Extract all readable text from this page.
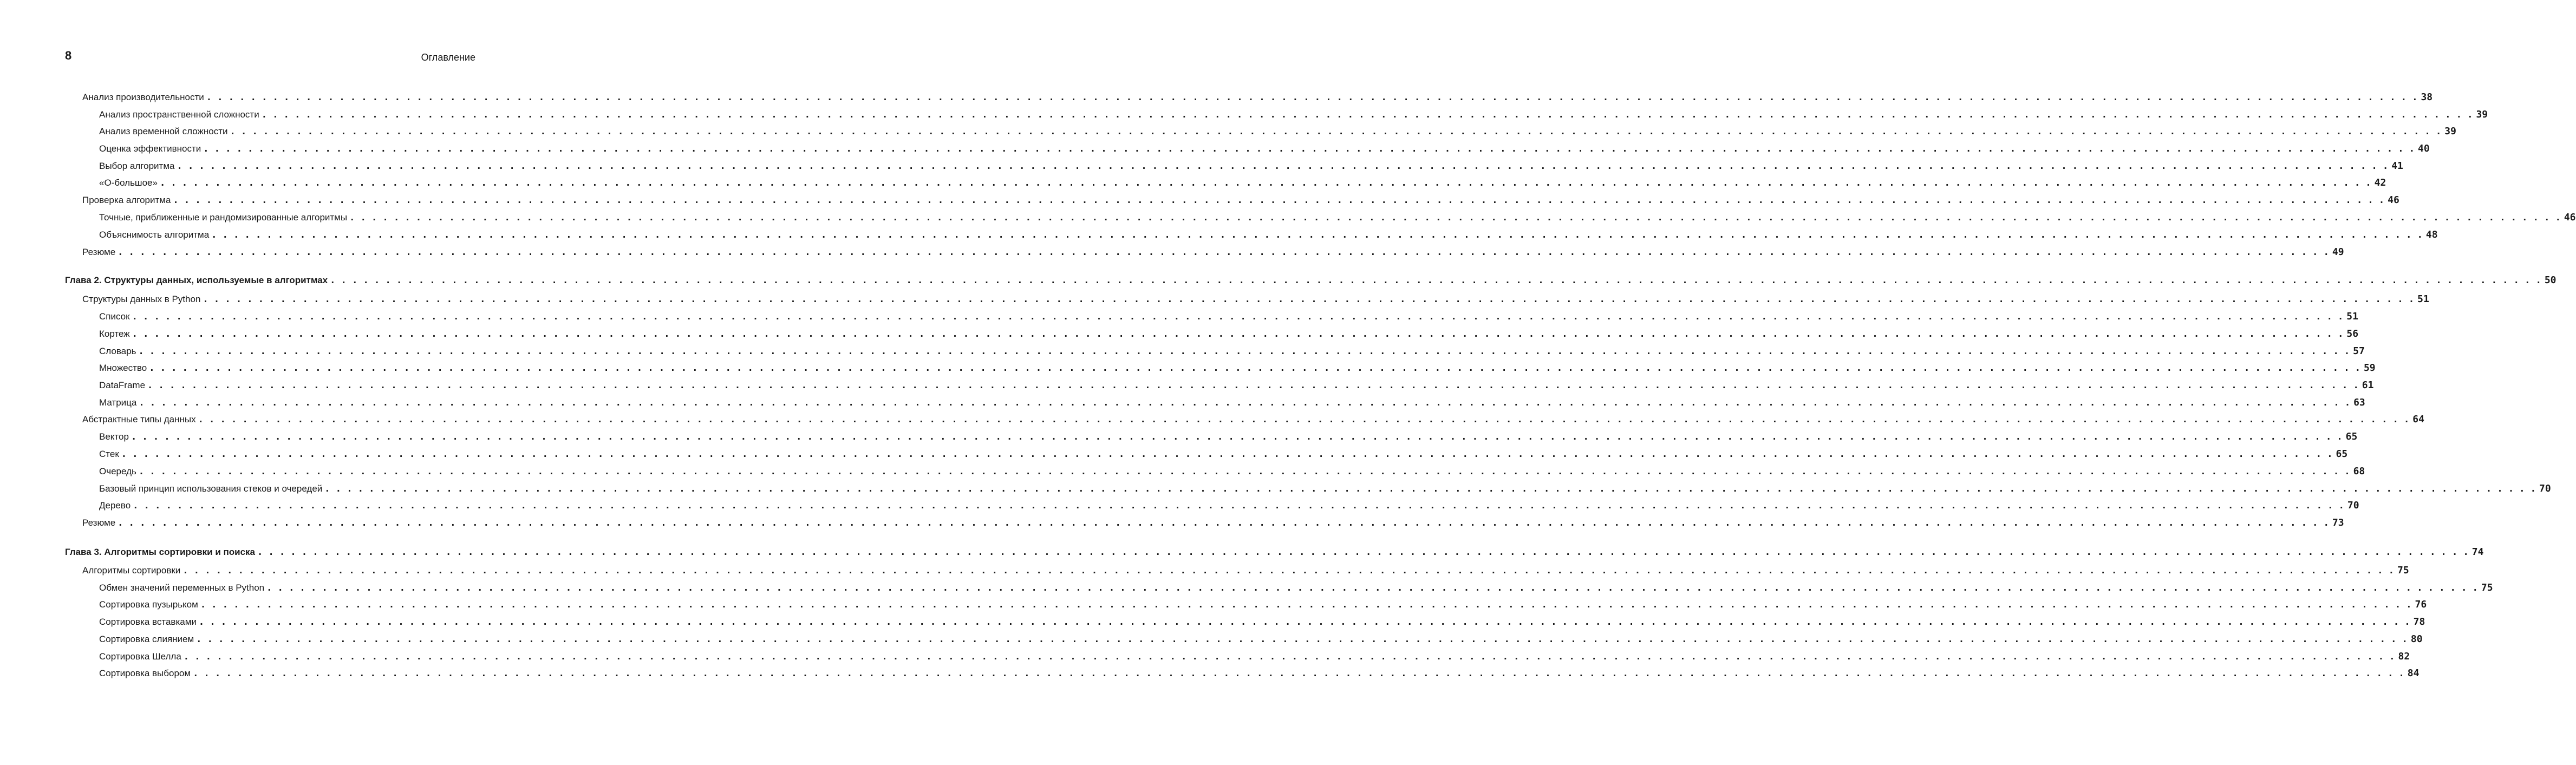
8	Оглавление
Анализ производительности . . . . . . . . . . . . . . . . . . . . . . . . . . . . . . . . . . . . . . . . . . . . . . . . . . . . . . . . . . . . . . . . . . . . . . . . . . . . . . . . . . . . . . . . . . . . . . . . . . . . . . . . . . . . . . . . . . . . . . . . . . . . . . . . . . . . . . . . . . . . . . . . . . . . . . . . . . . . . . . . . . . . . . . . . . . . . . . . . . . . . . . . . . . . . . . . . . . . . . . . 38
Анализ пространственной сложности . . . . . . . . . . . . . . . . . . . . . . . . . . . . . . . . . . . . . . . . . . . . . . . . . . . . . . . . . . . . . . . . . . . . . . . . . . . . . . . . . . . . . . . . . . . . . . . . . . . . . . . . . . . . . . . . . . . . . . . . . . . . . . . . . . . . . . . . . . . . . . . . . . . . . . . . . . . . . . . . . . . . . . . . . . . . . . . . . . . . . . . . . . . . . . . . . . . . . . . . 39
Анализ временной сложности . . . . . . . . . . . . . . . . . . . . . . . . . . . . . . . . . . . . . . . . . . . . . . . . . . . . . . . . . . . . . . . . . . . . . . . . . . . . . . . . . . . . . . . . . . . . . . . . . . . . . . . . . . . . . . . . . . . . . . . . . . . . . . . . . . . . . . . . . . . . . . . . . . . . . . . . . . . . . . . . . . . . . . . . . . . . . . . . . . . . . . . . . . . . . . . . . . . . . . . . 39
Оценка эффективности . . . . . . . . . . . . . . . . . . . . . . . . . . . . . . . . . . . . . . . . . . . . . . . . . . . . . . . . . . . . . . . . . . . . . . . . . . . . . . . . . . . . . . . . . . . . . . . . . . . . . . . . . . . . . . . . . . . . . . . . . . . . . . . . . . . . . . . . . . . . . . . . . . . . . . . . . . . . . . . . . . . . . . . . . . . . . . . . . . . . . . . . . . . . . . . . . . . . . . . . 40
Выбор алгоритма . . . . . . . . . . . . . . . . . . . . . . . . . . . . . . . . . . . . . . . . . . . . . . . . . . . . . . . . . . . . . . . . . . . . . . . . . . . . . . . . . . . . . . . . . . . . . . . . . . . . . . . . . . . . . . . . . . . . . . . . . . . . . . . . . . . . . . . . . . . . . . . . . . . . . . . . . . . . . . . . . . . . . . . . . . . . . . . . . . . . . . . . . . . . . . . . . . . . . . . . 41
«О-большое» . . . . . . . . . . . . . . . . . . . . . . . . . . . . . . . . . . . . . . . . . . . . . . . . . . . . . . . . . . . . . . . . . . . . . . . . . . . . . . . . . . . . . . . . . . . . . . . . . . . . . . . . . . . . . . . . . . . . . . . . . . . . . . . . . . . . . . . . . . . . . . . . . . . . . . . . . . . . . . . . . . . . . . . . . . . . . . . . . . . . . . . . . . . . . . . . . . . . . . . . 42
Проверка алгоритма . . . . . . . . . . . . . . . . . . . . . . . . . . . . . . . . . . . . . . . . . . . . . . . . . . . . . . . . . . . . . . . . . . . . . . . . . . . . . . . . . . . . . . . . . . . . . . . . . . . . . . . . . . . . . . . . . . . . . . . . . . . . . . . . . . . . . . . . . . . . . . . . . . . . . . . . . . . . . . . . . . . . . . . . . . . . . . . . . . . . . . . . . . . . . . . . . . . . . . . . 46
Точные, приближенные и рандомизированные алгоритмы . . . . . . . . . . . . . . . . . . . . . . . . . . . . . . . . . . . . . . . . . . . . . . . . . . . . . . . . . . . . . . . . . . . . . . . . . . . . . . . . . . . . . . . . . . . . . . . . . . . . . . . . . . . . . . . . . . . . . . . . . . . . . . . . . . . . . . . . . . . . . . . . . . . . . . . . . . . . . . . . . . . . . . . . . . . . . . . . . . . . . . . . . . . . . . . . . . . . . . . . 46
Объяснимость алгоритма . . . . . . . . . . . . . . . . . . . . . . . . . . . . . . . . . . . . . . . . . . . . . . . . . . . . . . . . . . . . . . . . . . . . . . . . . . . . . . . . . . . . . . . . . . . . . . . . . . . . . . . . . . . . . . . . . . . . . . . . . . . . . . . . . . . . . . . . . . . . . . . . . . . . . . . . . . . . . . . . . . . . . . . . . . . . . . . . . . . . . . . . . . . . . . . . . . . . . . . . 48
Резюме . . . . . . . . . . . . . . . . . . . . . . . . . . . . . . . . . . . . . . . . . . . . . . . . . . . . . . . . . . . . . . . . . . . . . . . . . . . . . . . . . . . . . . . . . . . . . . . . . . . . . . . . . . . . . . . . . . . . . . . . . . . . . . . . . . . . . . . . . . . . . . . . . . . . . . . . . . . . . . . . . . . . . . . . . . . . . . . . . . . . . . . . . . . . . . . . . . . . . . . . 49
Глава 2. Структуры данных, используемые в алгоритмах . . . . . . . . . . . . . . . . . . . . . . . . . . . . . . . . . . . . . . . . . . . . . . . . . . . . . . . . . . . . . . . . . . . . . . . . . . . . . . . . . . . . . . . . . . . . . . . . . . . . . . . . . . . . . . . . . . . . . . . . . . . . . . . . . . . . . . . . . . . . . . . . . . . . . . . . . . . . . . . . . . . . . . . . . . . . . . . . . . . . . . . . . . . . . . . . . . . . . . . . 50
Структуры данных в Python . . . . . . . . . . . . . . . . . . . . . . . . . . . . . . . . . . . . . . . . . . . . . . . . . . . . . . . . . . . . . . . . . . . . . . . . . . . . . . . . . . . . . . . . . . . . . . . . . . . . . . . . . . . . . . . . . . . . . . . . . . . . . . . . . . . . . . . . . . . . . . . . . . . . . . . . . . . . . . . . . . . . . . . . . . . . . . . . . . . . . . . . . . . . . . . . . . . . . . . . 51
Список . . . . . . . . . . . . . . . . . . . . . . . . . . . . . . . . . . . . . . . . . . . . . . . . . . . . . . . . . . . . . . . . . . . . . . . . . . . . . . . . . . . . . . . . . . . . . . . . . . . . . . . . . . . . . . . . . . . . . . . . . . . . . . . . . . . . . . . . . . . . . . . . . . . . . . . . . . . . . . . . . . . . . . . . . . . . . . . . . . . . . . . . . . . . . . . . . . . . . . . . 51
Кортеж . . . . . . . . . . . . . . . . . . . . . . . . . . . . . . . . . . . . . . . . . . . . . . . . . . . . . . . . . . . . . . . . . . . . . . . . . . . . . . . . . . . . . . . . . . . . . . . . . . . . . . . . . . . . . . . . . . . . . . . . . . . . . . . . . . . . . . . . . . . . . . . . . . . . . . . . . . . . . . . . . . . . . . . . . . . . . . . . . . . . . . . . . . . . . . . . . . . . . . . . 56
Словарь . . . . . . . . . . . . . . . . . . . . . . . . . . . . . . . . . . . . . . . . . . . . . . . . . . . . . . . . . . . . . . . . . . . . . . . . . . . . . . . . . . . . . . . . . . . . . . . . . . . . . . . . . . . . . . . . . . . . . . . . . . . . . . . . . . . . . . . . . . . . . . . . . . . . . . . . . . . . . . . . . . . . . . . . . . . . . . . . . . . . . . . . . . . . . . . . . . . . . . . . 57
Множество . . . . . . . . . . . . . . . . . . . . . . . . . . . . . . . . . . . . . . . . . . . . . . . . . . . . . . . . . . . . . . . . . . . . . . . . . . . . . . . . . . . . . . . . . . . . . . . . . . . . . . . . . . . . . . . . . . . . . . . . . . . . . . . . . . . . . . . . . . . . . . . . . . . . . . . . . . . . . . . . . . . . . . . . . . . . . . . . . . . . . . . . . . . . . . . . . . . . . . . . 59
DataFrame . . . . . . . . . . . . . . . . . . . . . . . . . . . . . . . . . . . . . . . . . . . . . . . . . . . . . . . . . . . . . . . . . . . . . . . . . . . . . . . . . . . . . . . . . . . . . . . . . . . . . . . . . . . . . . . . . . . . . . . . . . . . . . . . . . . . . . . . . . . . . . . . . . . . . . . . . . . . . . . . . . . . . . . . . . . . . . . . . . . . . . . . . . . . . . . . . . . . . . . . 61
Матрица . . . . . . . . . . . . . . . . . . . . . . . . . . . . . . . . . . . . . . . . . . . . . . . . . . . . . . . . . . . . . . . . . . . . . . . . . . . . . . . . . . . . . . . . . . . . . . . . . . . . . . . . . . . . . . . . . . . . . . . . . . . . . . . . . . . . . . . . . . . . . . . . . . . . . . . . . . . . . . . . . . . . . . . . . . . . . . . . . . . . . . . . . . . . . . . . . . . . . . . . 63
Абстрактные типы данных . . . . . . . . . . . . . . . . . . . . . . . . . . . . . . . . . . . . . . . . . . . . . . . . . . . . . . . . . . . . . . . . . . . . . . . . . . . . . . . . . . . . . . . . . . . . . . . . . . . . . . . . . . . . . . . . . . . . . . . . . . . . . . . . . . . . . . . . . . . . . . . . . . . . . . . . . . . . . . . . . . . . . . . . . . . . . . . . . . . . . . . . . . . . . . . . . . . . . . . . 64
Вектор . . . . . . . . . . . . . . . . . . . . . . . . . . . . . . . . . . . . . . . . . . . . . . . . . . . . . . . . . . . . . . . . . . . . . . . . . . . . . . . . . . . . . . . . . . . . . . . . . . . . . . . . . . . . . . . . . . . . . . . . . . . . . . . . . . . . . . . . . . . . . . . . . . . . . . . . . . . . . . . . . . . . . . . . . . . . . . . . . . . . . . . . . . . . . . . . . . . . . . . . 65
Стек . . . . . . . . . . . . . . . . . . . . . . . . . . . . . . . . . . . . . . . . . . . . . . . . . . . . . . . . . . . . . . . . . . . . . . . . . . . . . . . . . . . . . . . . . . . . . . . . . . . . . . . . . . . . . . . . . . . . . . . . . . . . . . . . . . . . . . . . . . . . . . . . . . . . . . . . . . . . . . . . . . . . . . . . . . . . . . . . . . . . . . . . . . . . . . . . . . . . . . . . 65
Очередь . . . . . . . . . . . . . . . . . . . . . . . . . . . . . . . . . . . . . . . . . . . . . . . . . . . . . . . . . . . . . . . . . . . . . . . . . . . . . . . . . . . . . . . . . . . . . . . . . . . . . . . . . . . . . . . . . . . . . . . . . . . . . . . . . . . . . . . . . . . . . . . . . . . . . . . . . . . . . . . . . . . . . . . . . . . . . . . . . . . . . . . . . . . . . . . . . . . . . . . . 68
Базовый принцип использования стеков и очередей . . . . . . . . . . . . . . . . . . . . . . . . . . . . . . . . . . . . . . . . . . . . . . . . . . . . . . . . . . . . . . . . . . . . . . . . . . . . . . . . . . . . . . . . . . . . . . . . . . . . . . . . . . . . . . . . . . . . . . . . . . . . . . . . . . . . . . . . . . . . . . . . . . . . . . . . . . . . . . . . . . . . . . . . . . . . . . . . . . . . . . . . . . . . . . . . . . . . . . . . 70
Дерево . . . . . . . . . . . . . . . . . . . . . . . . . . . . . . . . . . . . . . . . . . . . . . . . . . . . . . . . . . . . . . . . . . . . . . . . . . . . . . . . . . . . . . . . . . . . . . . . . . . . . . . . . . . . . . . . . . . . . . . . . . . . . . . . . . . . . . . . . . . . . . . . . . . . . . . . . . . . . . . . . . . . . . . . . . . . . . . . . . . . . . . . . . . . . . . . . . . . . . . . 70
Резюме . . . . . . . . . . . . . . . . . . . . . . . . . . . . . . . . . . . . . . . . . . . . . . . . . . . . . . . . . . . . . . . . . . . . . . . . . . . . . . . . . . . . . . . . . . . . . . . . . . . . . . . . . . . . . . . . . . . . . . . . . . . . . . . . . . . . . . . . . . . . . . . . . . . . . . . . . . . . . . . . . . . . . . . . . . . . . . . . . . . . . . . . . . . . . . . . . . . . . . . . 73
Глава 3. Алгоритмы сортировки и поиска . . . . . . . . . . . . . . . . . . . . . . . . . . . . . . . . . . . . . . . . . . . . . . . . . . . . . . . . . . . . . . . . . . . . . . . . . . . . . . . . . . . . . . . . . . . . . . . . . . . . . . . . . . . . . . . . . . . . . . . . . . . . . . . . . . . . . . . . . . . . . . . . . . . . . . . . . . . . . . . . . . . . . . . . . . . . . . . . . . . . . . . . . . . . . . . . . . . . . . . . 74
Алгоритмы сортировки . . . . . . . . . . . . . . . . . . . . . . . . . . . . . . . . . . . . . . . . . . . . . . . . . . . . . . . . . . . . . . . . . . . . . . . . . . . . . . . . . . . . . . . . . . . . . . . . . . . . . . . . . . . . . . . . . . . . . . . . . . . . . . . . . . . . . . . . . . . . . . . . . . . . . . . . . . . . . . . . . . . . . . . . . . . . . . . . . . . . . . . . . . . . . . . . . . . . . . . . 75
Обмен значений переменных в Python . . . . . . . . . . . . . . . . . . . . . . . . . . . . . . . . . . . . . . . . . . . . . . . . . . . . . . . . . . . . . . . . . . . . . . . . . . . . . . . . . . . . . . . . . . . . . . . . . . . . . . . . . . . . . . . . . . . . . . . . . . . . . . . . . . . . . . . . . . . . . . . . . . . . . . . . . . . . . . . . . . . . . . . . . . . . . . . . . . . . . . . . . . . . . . . . . . . . . . . . 75
Сортировка пузырьком . . . . . . . . . . . . . . . . . . . . . . . . . . . . . . . . . . . . . . . . . . . . . . . . . . . . . . . . . . . . . . . . . . . . . . . . . . . . . . . . . . . . . . . . . . . . . . . . . . . . . . . . . . . . . . . . . . . . . . . . . . . . . . . . . . . . . . . . . . . . . . . . . . . . . . . . . . . . . . . . . . . . . . . . . . . . . . . . . . . . . . . . . . . . . . . . . . . . . . . . 76
Сортировка вставками . . . . . . . . . . . . . . . . . . . . . . . . . . . . . . . . . . . . . . . . . . . . . . . . . . . . . . . . . . . . . . . . . . . . . . . . . . . . . . . . . . . . . . . . . . . . . . . . . . . . . . . . . . . . . . . . . . . . . . . . . . . . . . . . . . . . . . . . . . . . . . . . . . . . . . . . . . . . . . . . . . . . . . . . . . . . . . . . . . . . . . . . . . . . . . . . . . . . . . . . 78
Сортировка слиянием . . . . . . . . . . . . . . . . . . . . . . . . . . . . . . . . . . . . . . . . . . . . . . . . . . . . . . . . . . . . . . . . . . . . . . . . . . . . . . . . . . . . . . . . . . . . . . . . . . . . . . . . . . . . . . . . . . . . . . . . . . . . . . . . . . . . . . . . . . . . . . . . . . . . . . . . . . . . . . . . . . . . . . . . . . . . . . . . . . . . . . . . . . . . . . . . . . . . . . . . 80
Сортировка Шелла . . . . . . . . . . . . . . . . . . . . . . . . . . . . . . . . . . . . . . . . . . . . . . . . . . . . . . . . . . . . . . . . . . . . . . . . . . . . . . . . . . . . . . . . . . . . . . . . . . . . . . . . . . . . . . . . . . . . . . . . . . . . . . . . . . . . . . . . . . . . . . . . . . . . . . . . . . . . . . . . . . . . . . . . . . . . . . . . . . . . . . . . . . . . . . . . . . . . . . . . 82
Сортировка выбором . . . . . . . . . . . . . . . . . . . . . . . . . . . . . . . . . . . . . . . . . . . . . . . . . . . . . . . . . . . . . . . . . . . . . . . . . . . . . . . . . . . . . . . . . . . . . . . . . . . . . . . . . . . . . . . . . . . . . . . . . . . . . . . . . . . . . . . . . . . . . . . . . . . . . . . . . . . . . . . . . . . . . . . . . . . . . . . . . . . . . . . . . . . . . . . . . . . . . . . . 84
